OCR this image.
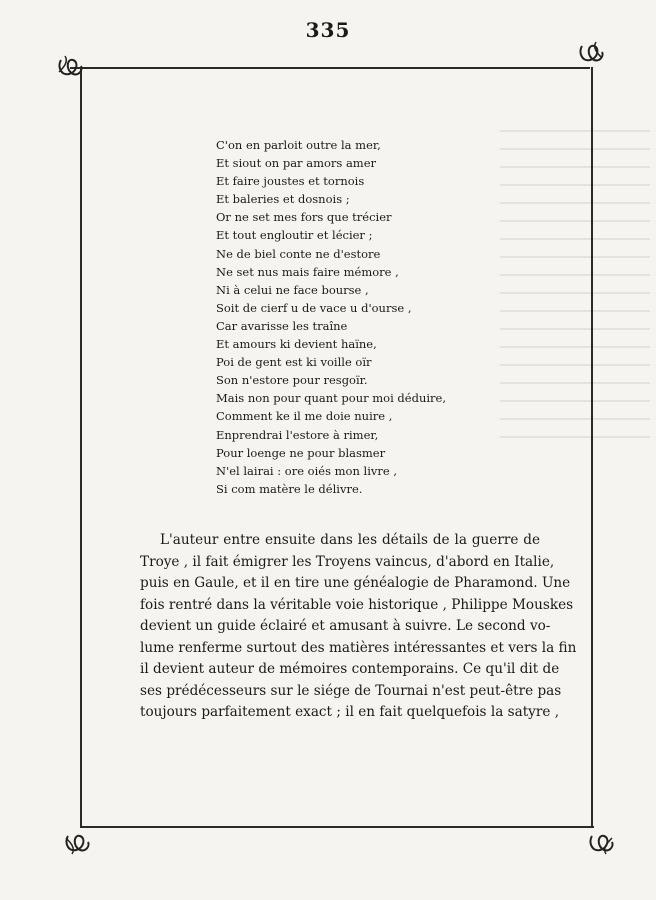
335
C'on en parloit outre la mer,
Et siout on par amors amer
Et faire joustes et tornois
Et baleries et dosnois ;
Or ne set mes fors que trécier
Et tout engloutir et lécier ;
Ne de biel conte ne d'estore
Ne set nus mais faire mémore ,
Ni à celui ne face bourse ,
Soit de cierf u de vace u d'ourse ,
Car avarisse les traîne
Et amours ki devient haïne,
Poi de gent est ki voille oïr
Son n'estore pour resgoïr.
Mais non pour quant pour moi déduire,
Comment ke il me doie nuire ,
Enprendrai l'estore à rimer,
Pour loenge ne pour blasmer
N'el lairai : ore oiés mon livre ,
Si com matère le délivre.
L'auteur entre ensuite dans les détails de la guerre de
Troye , il fait émigrer les Troyens vaincus, d'abord en Italie,
puis en Gaule, et il en tire une généalogie de Pharamond. Une
fois rentré dans la véritable voie historique , Philippe Mouskes
devient un guide éclairé et amusant à suivre. Le second vo-
lume renferme surtout des matières intéressantes et vers la fin
il devient auteur de mémoires contemporains. Ce qu'il dit de
ses prédécesseurs sur le siége de Tournai n'est peut-être pas
toujours parfaitement exact ; il en fait quelquefois la satyre ,
